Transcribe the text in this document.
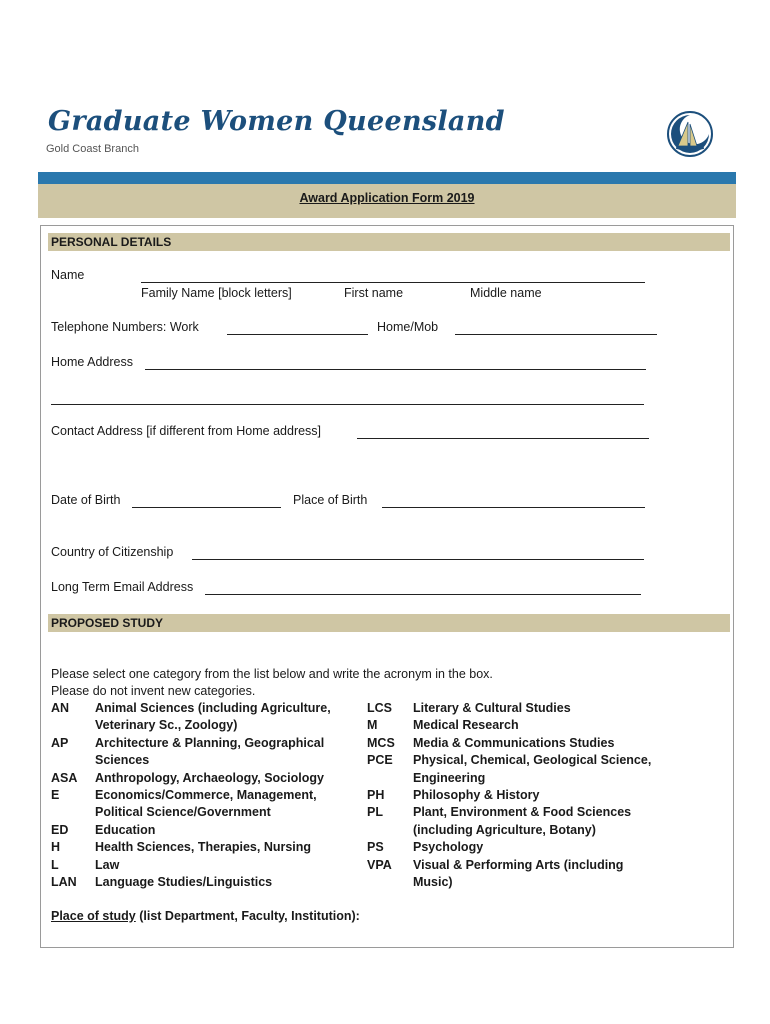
Graduate Women Queensland
Gold Coast Branch
Award Application Form 2019
PERSONAL DETAILS
Name
Family Name [block letters]	First name	Middle name
Telephone Numbers: Work	Home/Mob
Home Address
Contact Address [if different from Home address]
Date of Birth	Place of Birth
Country of Citizenship
Long Term Email Address
PROPOSED STUDY
Please select one category from the list below and write the acronym in the box.
Please do not invent new categories.
AN Animal Sciences (including Agriculture,
Veterinary Sc., Zoology)
AP Architecture & Planning, Geographical
Sciences
ASA Anthropology, Archaeology, Sociology
E	Economics/Commerce, Management,
Political Science/Government
ED Education
H	Health Sciences, Therapies, Nursing
L	Law
LAN Language Studies/Linguistics
LCS Literary & Cultural Studies
M	Medical Research
MCS Media & Communications Studies
PCE Physical, Chemical, Geological Science,
Engineering
PH Philosophy & History
PL Plant, Environment & Food Sciences
(including Agriculture, Botany)
PS Psychology
VPA Visual & Performing Arts (including
Music)
Place of study (list Department, Faculty, Institution):
